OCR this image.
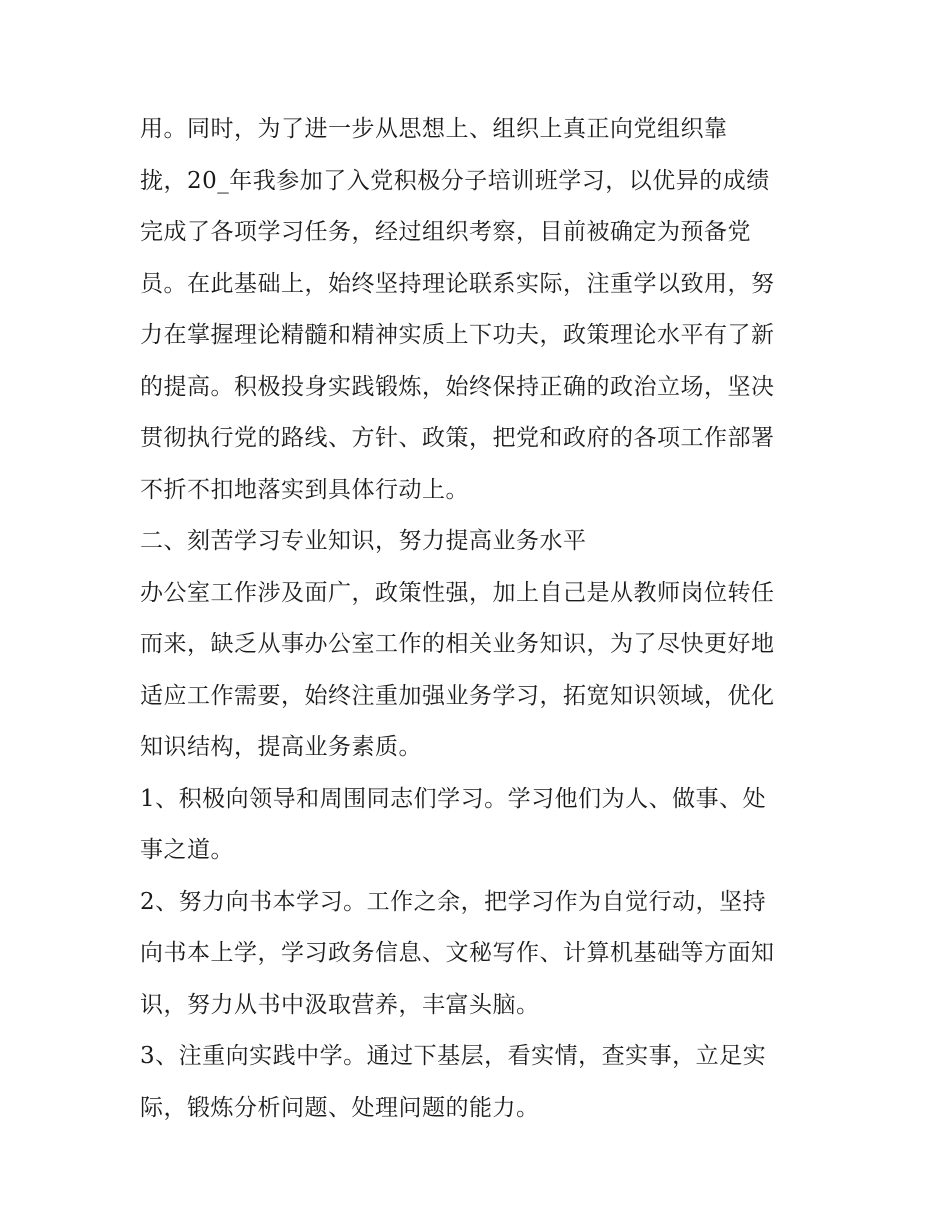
用。同时，为了进一步从思想上、组织上真正向党组织靠
拢，20_年我参加了入党积极分子培训班学习，以优异的成绩
完成了各项学习任务，经过组织考察，目前被确定为预备党
员。在此基础上，始终坚持理论联系实际，注重学以致用，努
力在掌握理论精髓和精神实质上下功夫，政策理论水平有了新
的提高。积极投身实践锻炼，始终保持正确的政治立场，坚决
贯彻执行党的路线、方针、政策，把党和政府的各项工作部署
不折不扣地落实到具体行动上。
二、刻苦学习专业知识，努力提高业务水平
办公室工作涉及面广，政策性强，加上自己是从教师岗位转任
而来，缺乏从事办公室工作的相关业务知识，为了尽快更好地
适应工作需要，始终注重加强业务学习，拓宽知识领域，优化
知识结构，提高业务素质。
1、积极向领导和周围同志们学习。学习他们为人、做事、处
事之道。
2、努力向书本学习。工作之余，把学习作为自觉行动，坚持
向书本上学，学习政务信息、文秘写作、计算机基础等方面知
识，努力从书中汲取营养，丰富头脑。
3、注重向实践中学。通过下基层，看实情，查实事，立足实
际，锻炼分析问题、处理问题的能力。
